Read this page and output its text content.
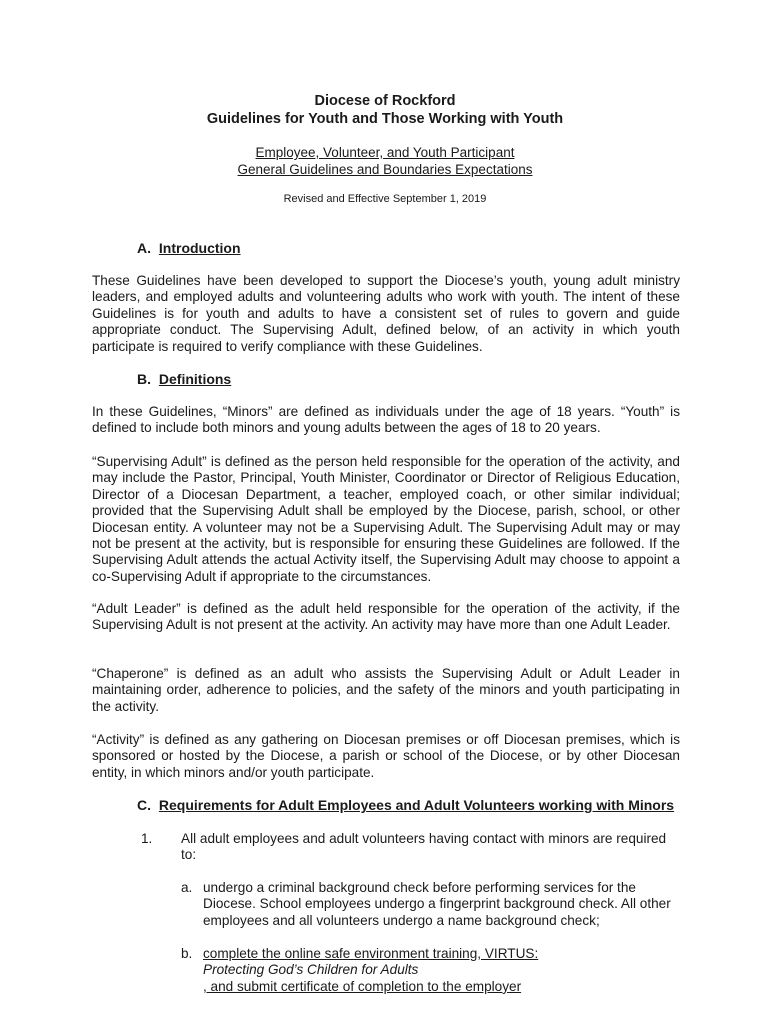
Diocese of Rockford
Guidelines for Youth and Those Working with Youth
Employee, Volunteer, and Youth Participant
General Guidelines and Boundaries Expectations
Revised and Effective September 1, 2019
A. Introduction

These Guidelines have been developed to support the Diocese’s youth, young adult ministry leaders, and employed adults and volunteering adults who work with youth. The intent of these Guidelines is for youth and adults to have a consistent set of rules to govern and guide appropriate conduct. The Supervising Adult, defined below, of an activity in which youth participate is required to verify compliance with these Guidelines.

B. Definitions

In these Guidelines, “Minors” are defined as individuals under the age of 18 years. “Youth” is defined to include both minors and young adults between the ages of 18 to 20 years.

“Supervising Adult” is defined as the person held responsible for the operation of the activity, and may include the Pastor, Principal, Youth Minister, Coordinator or Director of Religious Education, Director of a Diocesan Department, a teacher, employed coach, or other similar individual; provided that the Supervising Adult shall be employed by the Diocese, parish, school, or other Diocesan entity. A volunteer may not be a Supervising Adult. The Supervising Adult may or may not be present at the activity, but is responsible for ensuring these Guidelines are followed. If the Supervising Adult attends the actual Activity itself, the Supervising Adult may choose to appoint a co-Supervising Adult if appropriate to the circumstances.

“Adult Leader” is defined as the adult held responsible for the operation of the activity, if the Supervising Adult is not present at the activity. An activity may have more than one Adult Leader.

“Chaperone” is defined as an adult who assists the Supervising Adult or Adult Leader in maintaining order, adherence to policies, and the safety of the minors and youth participating in the activity.

“Activity” is defined as any gathering on Diocesan premises or off Diocesan premises, which is sponsored or hosted by the Diocese, a parish or school of the Diocese, or by other Diocesan entity, in which minors and/or youth participate.

C. Requirements for Adult Employees and Adult Volunteers working with Minors
1. All adult employees and adult volunteers having contact with minors are required to:

a. undergo a criminal background check before performing services for the Diocese. School employees undergo a fingerprint background check. All other employees and all volunteers undergo a name background check;

b. complete the online safe environment training, VIRTUS:
Protecting God’s Children for Adults
, and submit certificate of completion to the employer
